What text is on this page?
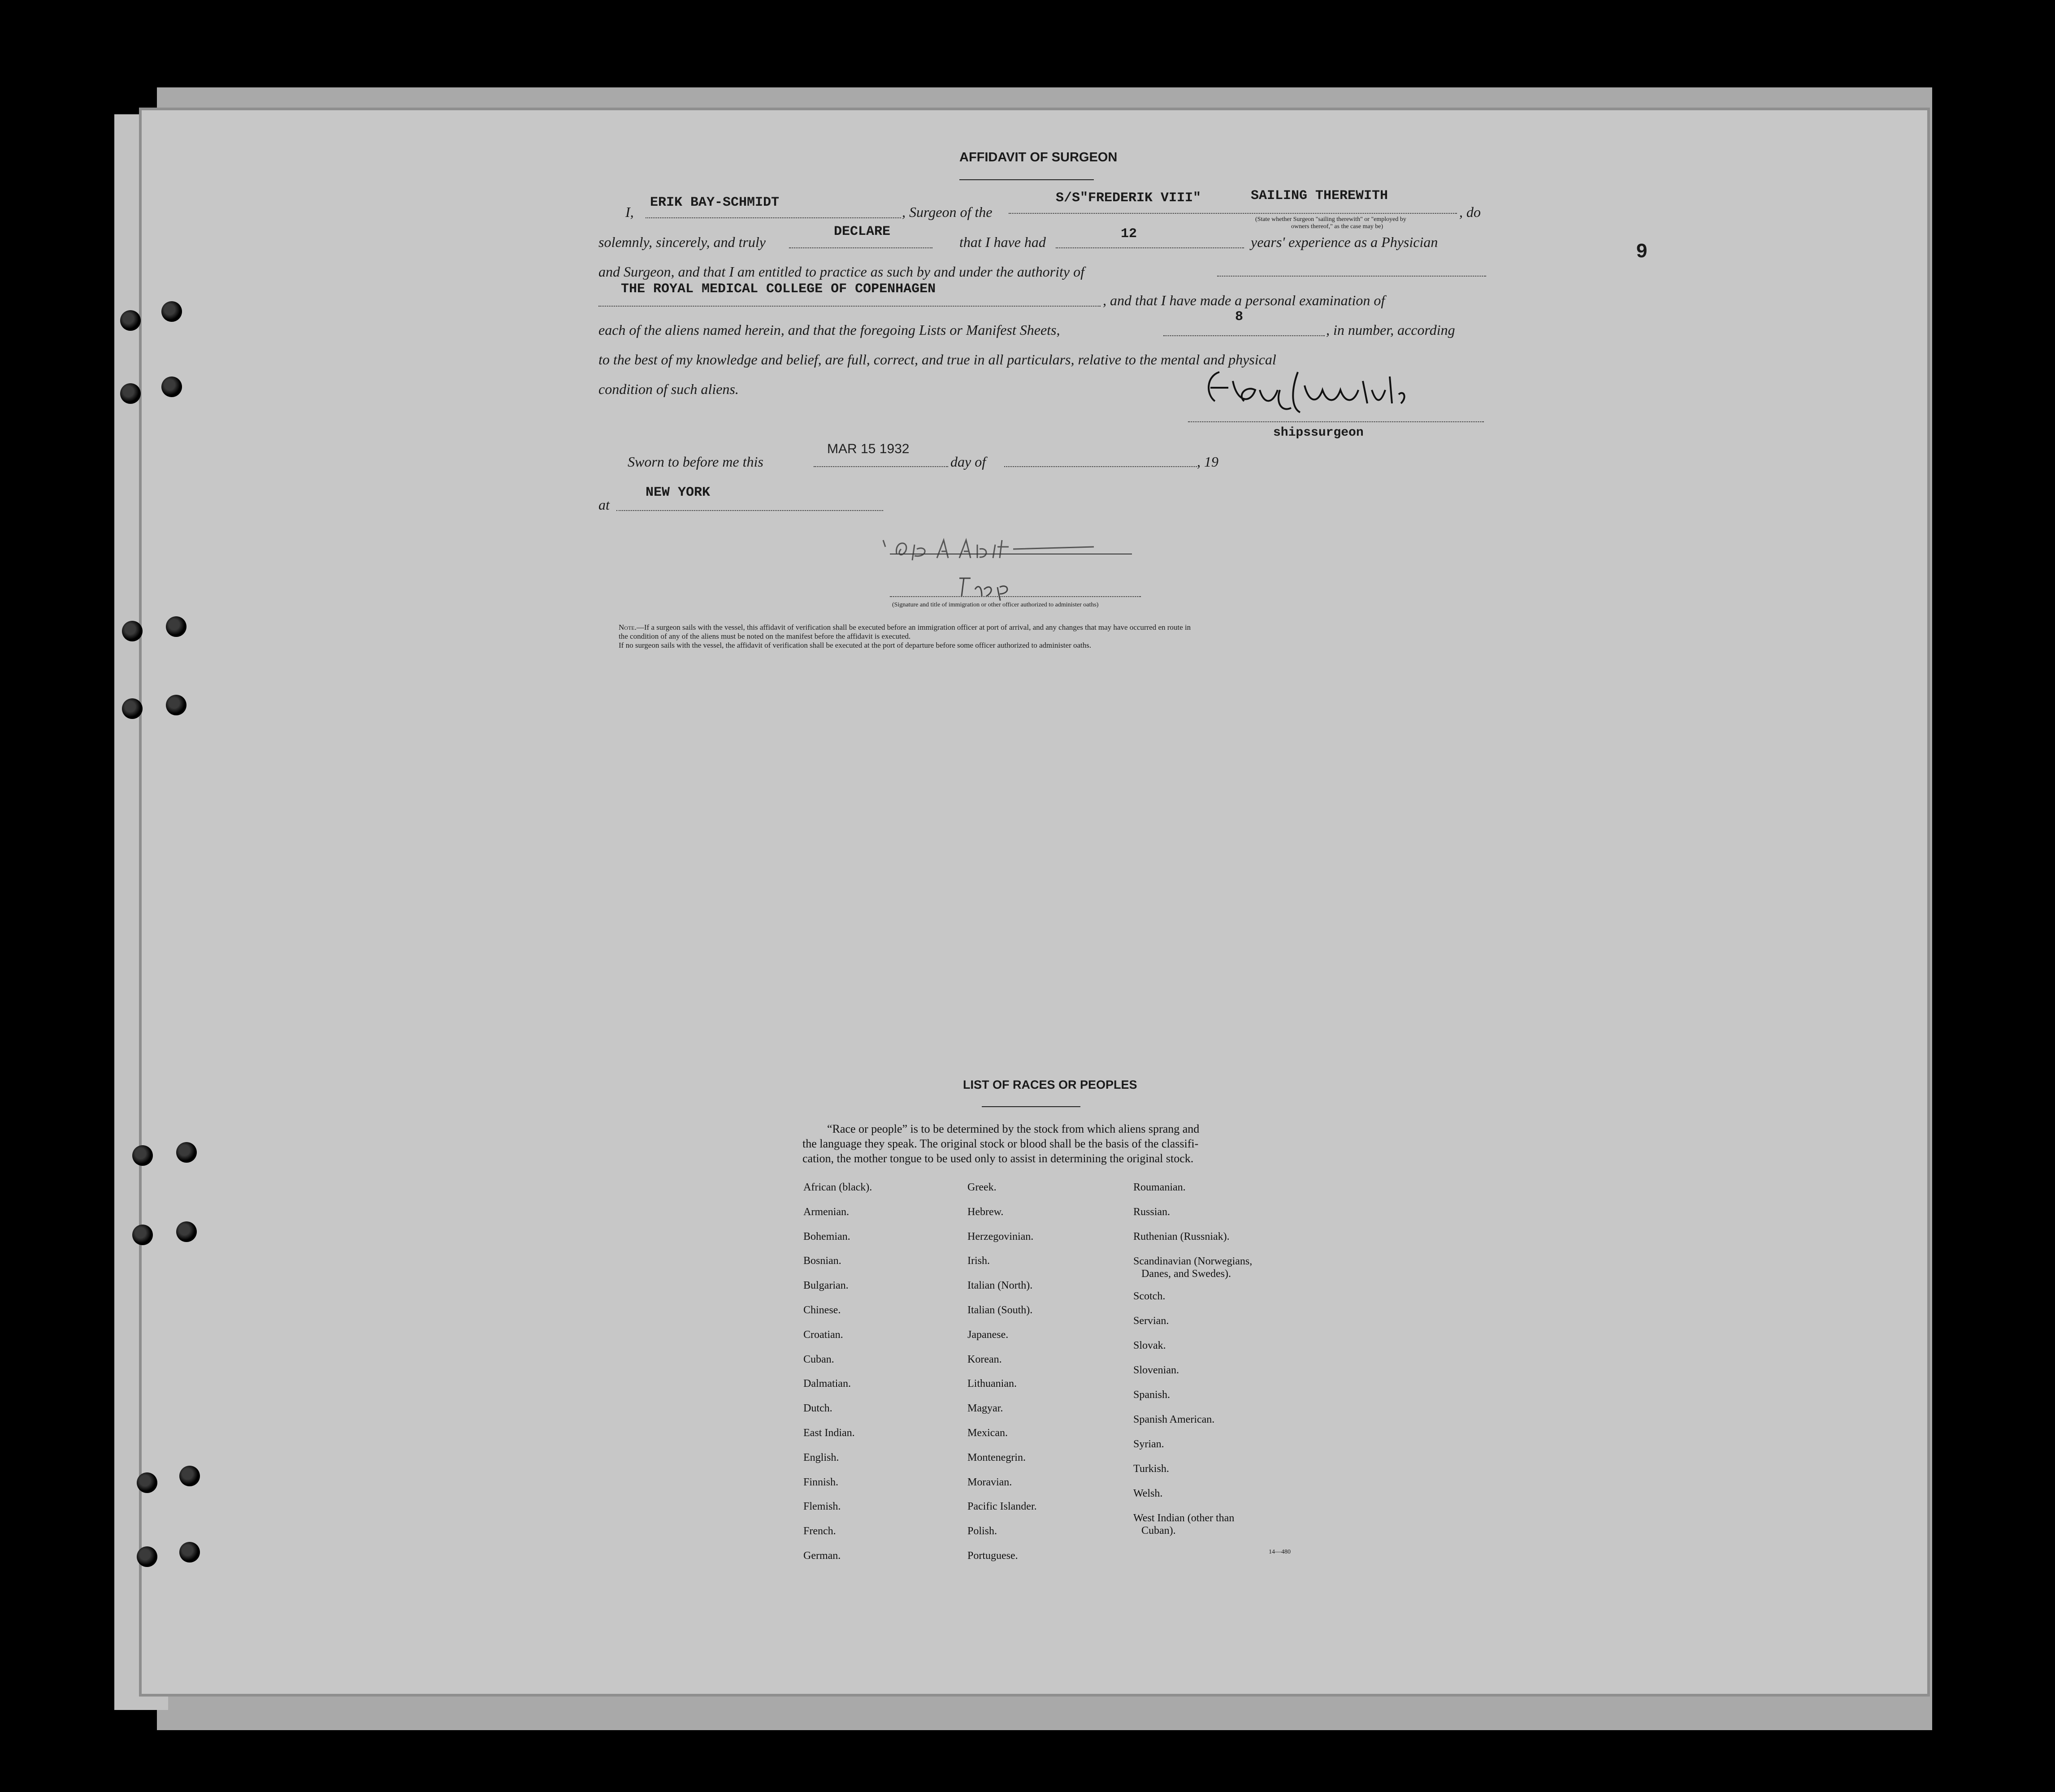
9
AFFIDAVIT OF SURGEON
I,
ERIK BAY-SCHMIDT
, Surgeon of the
S/S"FREDERIK VIII"	SAILING THEREWITH
(State whether Surgeon "sailing therewith" or "employed by
owners thereof," as the case may be)
, do
solemnly, sincerely, and truly
DECLARE
that I have had	12	years' experience as a Physician
and Surgeon, and that I am entitled to practice as such by and under the authority of
THE ROYAL MEDICAL COLLEGE OF COPENHAGEN
, and that I have made a personal examination of
each of the aliens named herein, and that the foregoing Lists or Manifest Sheets,
8
, in number, according
to the best of my knowledge and belief, are full, correct, and true in all particulars, relative to the mental and physical
condition of such aliens.
shipssurgeon
Sworn to before me this
MAR 15 1932
day of	, 19
at
NEW YORK
(Signature and title of immigration or other officer authorized to administer oaths)
Note.—If a surgeon sails with the vessel, this affidavit of verification shall be executed before an immigration officer at port of arrival, and any changes that may have occurred en route in
the condition of any of the aliens must be noted on the manifest before the affidavit is executed.
If no surgeon sails with the vessel, the affidavit of verification shall be executed at the port of departure before some officer authorized to administer oaths.
LIST OF RACES OR PEOPLES
“Race or people” is to be determined by the stock from which aliens sprang and
the language they speak. The original stock or blood shall be the basis of the classifi-
cation, the mother tongue to be used only to assist in determining the original stock.
African (black).
Armenian.
Bohemian.
Bosnian.
Bulgarian.
Chinese.
Croatian.
Cuban.
Dalmatian.
Dutch.
East Indian.
English.
Finnish.
Flemish.
French.
German.
Greek.
Hebrew.
Herzegovinian.
Irish.
Italian (North).
Italian (South).
Japanese.
Korean.
Lithuanian.
Magyar.
Mexican.
Montenegrin.
Moravian.
Pacific Islander.
Polish.
Portuguese.
Roumanian.
Russian.
Ruthenian (Russniak).
Scandinavian (Norwegians,
Danes, and Swedes).
Scotch.
Servian.
Slovak.
Slovenian.
Spanish.
Spanish American.
Syrian.
Turkish.
Welsh.
West Indian (other than
Cuban).
14—480
